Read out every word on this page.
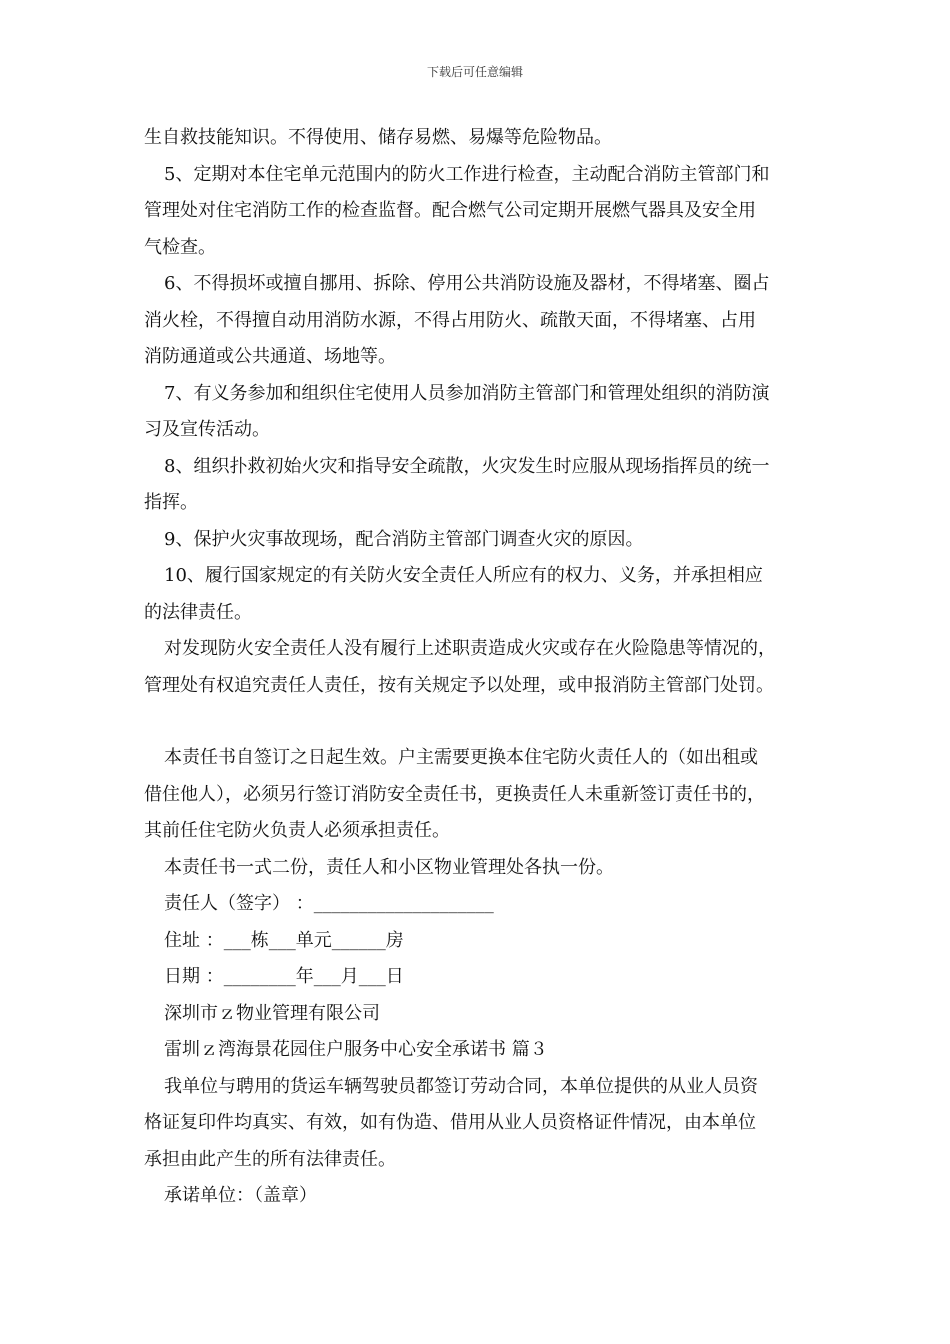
下载后可任意编辑

生自救技能知识。不得使用、储存易燃、易爆等危险物品。

5、定期对本住宅单元范围内的防火工作进行检查，主动配合消防主管部门和

管理处对住宅消防工作的检查监督。配合燃气公司定期开展燃气器具及安全用

气检查。

6、不得损坏或擅自挪用、拆除、停用公共消防设施及器材，不得堵塞、圈占

消火栓，不得擅自动用消防水源，不得占用防火、疏散天面，不得堵塞、占用

消防通道或公共通道、场地等。

7、有义务参加和组织住宅使用人员参加消防主管部门和管理处组织的消防演

习及宣传活动。

8、组织扑救初始火灾和指导安全疏散，火灾发生时应服从现场指挥员的统一

指挥。

9、保护火灾事故现场，配合消防主管部门调查火灾的原因。

10、履行国家规定的有关防火安全责任人所应有的权力、义务，并承担相应

的法律责任。

对发现防火安全责任人没有履行上述职责造成火灾或存在火险隐患等情况的，

管理处有权追究责任人责任，按有关规定予以处理，或申报消防主管部门处罚。

本责任书自签订之日起生效。户主需要更换本住宅防火责任人的（如出租或

借住他人），必须另行签订消防安全责任书，更换责任人未重新签订责任书的，

其前任住宅防火负责人必须承担责任。

本责任书一式二份，责任人和小区物业管理处各执一份。

责任人（签字） ：____________________

住址 ：___栋___单元______房

日期 ：________年___月___日

深圳市ｚ物业管理有限公司

雷圳ｚ湾海景花园住户服务中心安全承诺书 篇３

我单位与聘用的货运车辆驾驶员都签订劳动合同，本单位提供的从业人员资

格证复印件均真实、有效，如有伪造、借用从业人员资格证件情况，由本单位

承担由此产生的所有法律责任。

承诺单位：（盖章）
